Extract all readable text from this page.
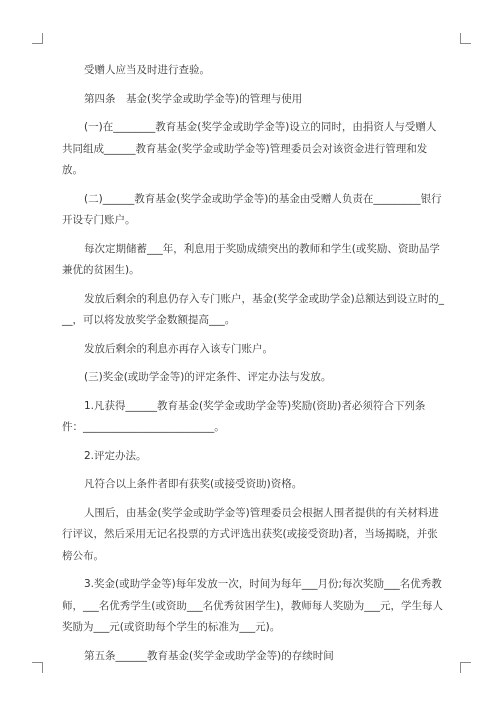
受赠人应当及时进行查验。

第四条　基金(奖学金或助学金等)的管理与使用

(一)在________教育基金(奖学金或助学金等)设立的同时，由捐资人与受赠人共同组成______教育基金(奖学金或助学金等)管理委员会对该资金进行管理和发放。

(二)______教育基金(奖学金或助学金等)的基金由受赠人负责在_________银行开设专门账户。

每次定期储蓄___年，利息用于奖励成绩突出的教师和学生(或奖励、资助品学兼优的贫困生)。

发放后剩余的利息仍存入专门账户，基金(奖学金或助学金)总额达到设立时的___，可以将发放奖学金数额提高___。

发放后剩余的利息亦再存入该专门账户。

(三)奖金(或助学金等)的评定条件、评定办法与发放。

1.凡获得______教育基金(奖学金或助学金等)奖励(资助)者必须符合下列条件：_________________________。

2.评定办法。

凡符合以上条件者即有获奖(或接受资助)资格。

人围后，由基金(奖学金或助学金等)管理委员会根据人围者提供的有关材料进行评议，然后采用无记名投票的方式评选出获奖(或接受资助)者，当场揭晓，并张榜公布。

3.奖金(或助学金等)每年发放一次，时间为每年___月份;每次奖励___名优秀教师，___名优秀学生(或资助___名优秀贫困学生)，教师每人奖励为___元，学生每人奖励为___元(或资助每个学生的标准为___元)。

第五条______教育基金(奖学金或助学金等)的存续时间
